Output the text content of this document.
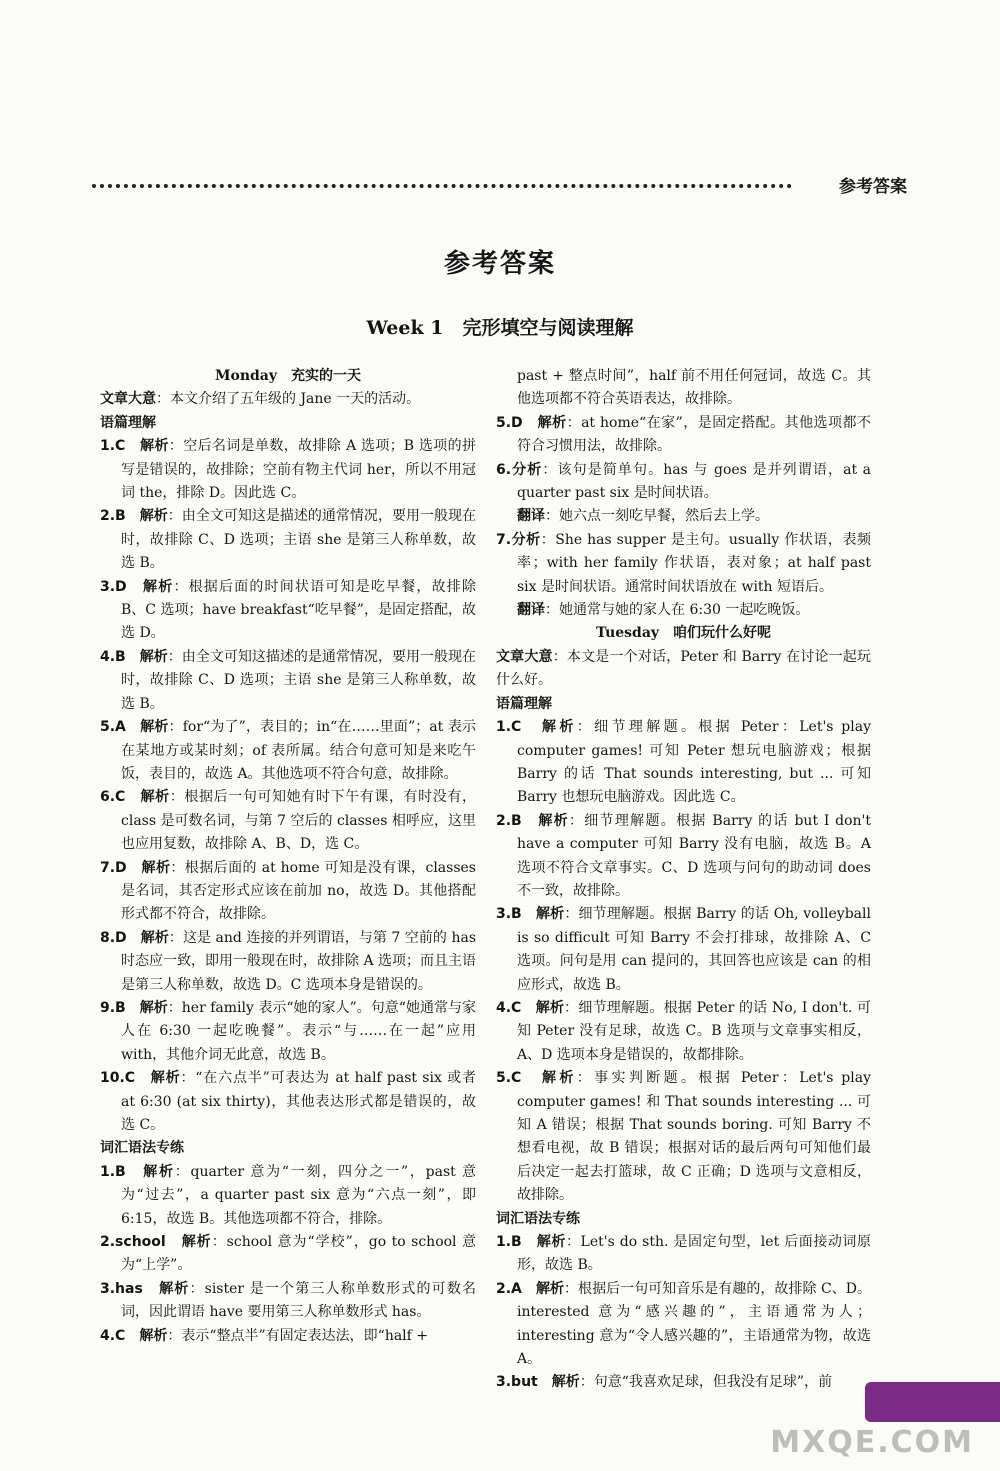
参考答案
参考答案
Week 1　完形填空与阅读理解

Monday　充实的一天

文章大意：本文介绍了五年级的 Jane 一天的活动。

语篇理解

1.C　解析：空后名词是单数，故排除 A 选项；B 选项的拼写是错误的，故排除；空前有物主代词 her，所以不用冠词 the，排除 D。因此选 C。

2.B　解析：由全文可知这是描述的通常情况，要用一般现在时，故排除 C、D 选项；主语 she 是第三人称单数，故选 B。

3.D　解析：根据后面的时间状语可知是吃早餐，故排除 B、C 选项；have breakfast“吃早餐”，是固定搭配，故选 D。

4.B　解析：由全文可知这描述的是通常情况，要用一般现在时，故排除 C、D 选项；主语 she 是第三人称单数，故选 B。

5.A　解析：for“为了”，表目的；in“在……里面”；at 表示在某地方或某时刻；of 表所属。结合句意可知是来吃午饭，表目的，故选 A。其他选项不符合句意，故排除。

6.C　解析：根据后一句可知她有时下午有课，有时没有，class 是可数名词，与第 7 空后的 classes 相呼应，这里也应用复数，故排除 A、B、D，选 C。

7.D　解析：根据后面的 at home 可知是没有课，classes 是名词，其否定形式应该在前加 no，故选 D。其他搭配形式都不符合，故排除。

8.D　解析：这是 and 连接的并列谓语，与第 7 空前的 has 时态应一致，即用一般现在时，故排除 A 选项；而且主语是第三人称单数，故选 D。C 选项本身是错误的。

9.B　解析：her family 表示“她的家人”。句意“她通常与家人在 6:30 一起吃晚餐”。表示“与……在一起”应用 with，其他介词无此意，故选 B。

10.C　解析：“在六点半”可表达为 at half past six 或者 at 6:30 (at six thirty)，其他表达形式都是错误的，故选 C。

词汇语法专练

1.B　解析：quarter 意为“一刻，四分之一”，past 意为“过去”，a quarter past six 意为“六点一刻”，即 6:15，故选 B。其他选项都不符合，排除。

2.school　解析：school 意为“学校”，go to school 意为“上学”。

3.has　解析：sister 是一个第三人称单数形式的可数名词，因此谓语 have 要用第三人称单数形式 has。

4.C　解析：表示“整点半”有固定表达法，即“half +

past + 整点时间”，half 前不用任何冠词，故选 C。其他选项都不符合英语表达，故排除。

5.D　解析：at home“在家”，是固定搭配。其他选项都不符合习惯用法，故排除。

6.分析：该句是简单句。has 与 goes 是并列谓语，at a quarter past six 是时间状语。

翻译：她六点一刻吃早餐，然后去上学。

7.分析：She has supper 是主句。usually 作状语，表频率；with her family 作状语，表对象；at half past six 是时间状语。通常时间状语放在 with 短语后。

翻译：她通常与她的家人在 6:30 一起吃晚饭。

Tuesday　咱们玩什么好呢

文章大意：本文是一个对话，Peter 和 Barry 在讨论一起玩什么好。

语篇理解

1.C　解析：细节理解题。根据 Peter：Let's play computer games! 可知 Peter 想玩电脑游戏；根据 Barry 的话 That sounds interesting, but ... 可知 Barry 也想玩电脑游戏。因此选 C。

2.B　解析：细节理解题。根据 Barry 的话 but I don't have a computer 可知 Barry 没有电脑，故选 B。A 选项不符合文章事实。C、D 选项与问句的助动词 does 不一致，故排除。

3.B　解析：细节理解题。根据 Barry 的话 Oh, volleyball is so difficult 可知 Barry 不会打排球，故排除 A、C 选项。问句是用 can 提问的，其回答也应该是 can 的相应形式，故选 B。

4.C　解析：细节理解题。根据 Peter 的话 No, I don't. 可知 Peter 没有足球，故选 C。B 选项与文章事实相反，A、D 选项本身是错误的，故都排除。

5.C　解析：事实判断题。根据 Peter：Let's play computer games! 和 That sounds interesting ... 可知 A 错误；根据 That sounds boring. 可知 Barry 不想看电视，故 B 错误；根据对话的最后两句可知他们最后决定一起去打篮球，故 C 正确；D 选项与文意相反，故排除。

词汇语法专练

1.B　解析：Let's do sth. 是固定句型，let 后面接动词原形，故选 B。

2.A　解析：根据后一句可知音乐是有趣的，故排除 C、D。interested 意为“感兴趣的”，主语通常为人；interesting 意为“令人感兴趣的”，主语通常为物，故选 A。

3.but　解析：句意“我喜欢足球，但我没有足球”，前

MXQE.COM
